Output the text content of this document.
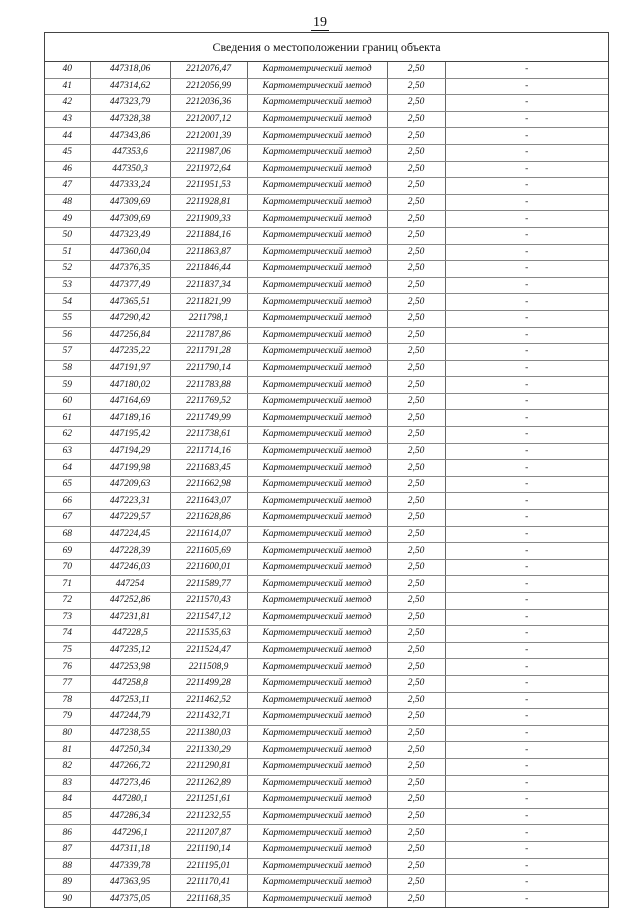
19
Сведения о местоположении границ объекта
40	447318,06	2212076,47	Картометрический метод	2,50	-
41	447314,62	2212056,99	Картометрический метод	2,50	-
42	447323,79	2212036,36	Картометрический метод	2,50	-
43	447328,38	2212007,12	Картометрический метод	2,50	-
44	447343,86	2212001,39	Картометрический метод	2,50	-
45	447353,6	2211987,06	Картометрический метод	2,50	-
46	447350,3	2211972,64	Картометрический метод	2,50	-
47	447333,24	2211951,53	Картометрический метод	2,50	-
48	447309,69	2211928,81	Картометрический метод	2,50	-
49	447309,69	2211909,33	Картометрический метод	2,50	-
50	447323,49	2211884,16	Картометрический метод	2,50	-
51	447360,04	2211863,87	Картометрический метод	2,50	-
52	447376,35	2211846,44	Картометрический метод	2,50	-
53	447377,49	2211837,34	Картометрический метод	2,50	-
54	447365,51	2211821,99	Картометрический метод	2,50	-
55	447290,42	2211798,1	Картометрический метод	2,50	-
56	447256,84	2211787,86	Картометрический метод	2,50	-
57	447235,22	2211791,28	Картометрический метод	2,50	-
58	447191,97	2211790,14	Картометрический метод	2,50	-
59	447180,02	2211783,88	Картометрический метод	2,50	-
60	447164,69	2211769,52	Картометрический метод	2,50	-
61	447189,16	2211749,99	Картометрический метод	2,50	-
62	447195,42	2211738,61	Картометрический метод	2,50	-
63	447194,29	2211714,16	Картометрический метод	2,50	-
64	447199,98	2211683,45	Картометрический метод	2,50	-
65	447209,63	2211662,98	Картометрический метод	2,50	-
66	447223,31	2211643,07	Картометрический метод	2,50	-
67	447229,57	2211628,86	Картометрический метод	2,50	-
68	447224,45	2211614,07	Картометрический метод	2,50	-
69	447228,39	2211605,69	Картометрический метод	2,50	-
70	447246,03	2211600,01	Картометрический метод	2,50	-
71	447254	2211589,77	Картометрический метод	2,50	-
72	447252,86	2211570,43	Картометрический метод	2,50	-
73	447231,81	2211547,12	Картометрический метод	2,50	-
74	447228,5	2211535,63	Картометрический метод	2,50	-
75	447235,12	2211524,47	Картометрический метод	2,50	-
76	447253,98	2211508,9	Картометрический метод	2,50	-
77	447258,8	2211499,28	Картометрический метод	2,50	-
78	447253,11	2211462,52	Картометрический метод	2,50	-
79	447244,79	2211432,71	Картометрический метод	2,50	-
80	447238,55	2211380,03	Картометрический метод	2,50	-
81	447250,34	2211330,29	Картометрический метод	2,50	-
82	447266,72	2211290,81	Картометрический метод	2,50	-
83	447273,46	2211262,89	Картометрический метод	2,50	-
84	447280,1	2211251,61	Картометрический метод	2,50	-
85	447286,34	2211232,55	Картометрический метод	2,50	-
86	447296,1	2211207,87	Картометрический метод	2,50	-
87	447311,18	2211190,14	Картометрический метод	2,50	-
88	447339,78	2211195,01	Картометрический метод	2,50	-
89	447363,95	2211170,41	Картометрический метод	2,50	-
90	447375,05	2211168,35	Картометрический метод	2,50	-
